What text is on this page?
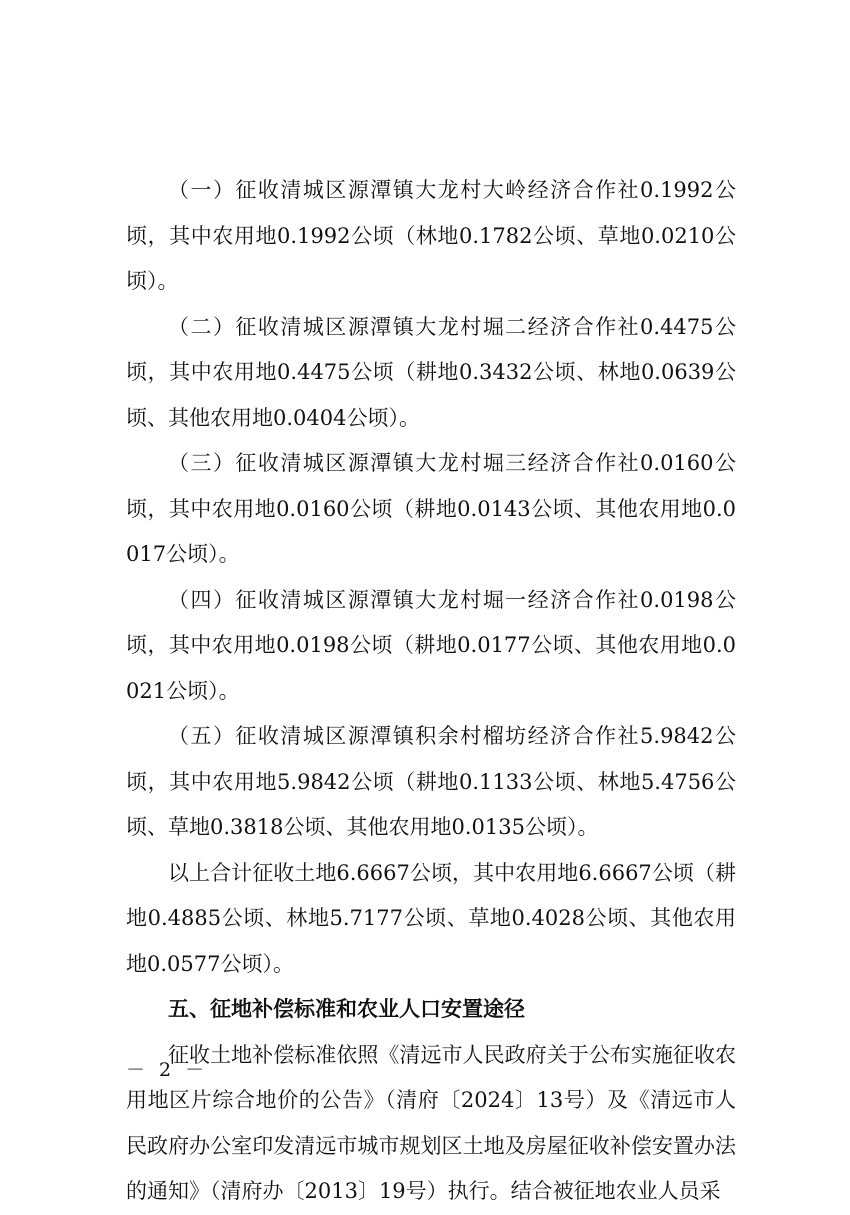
（一）征收清城区源潭镇大龙村大岭经济合作社0.1992公顷，其中农用地0.1992公顷（林地0.1782公顷、草地0.0210公顷）。

（二）征收清城区源潭镇大龙村堀二经济合作社0.4475公顷，其中农用地0.4475公顷（耕地0.3432公顷、林地0.0639公顷、其他农用地0.0404公顷）。

（三）征收清城区源潭镇大龙村堀三经济合作社0.0160公顷，其中农用地0.0160公顷（耕地0.0143公顷、其他农用地0.0017公顷）。

（四）征收清城区源潭镇大龙村堀一经济合作社0.0198公顷，其中农用地0.0198公顷（耕地0.0177公顷、其他农用地0.0021公顷）。

（五）征收清城区源潭镇积余村榴坊经济合作社5.9842公顷，其中农用地5.9842公顷（耕地0.1133公顷、林地5.4756公顷、草地0.3818公顷、其他农用地0.0135公顷）。

以上合计征收土地6.6667公顷，其中农用地6.6667公顷（耕地0.4885公顷、林地5.7177公顷、草地0.4028公顷、其他农用地0.0577公顷）。

五、征地补偿标准和农业人口安置途径

征收土地补偿标准依照《清远市人民政府关于公布实施征收农用地区片综合地价的公告》（清府〔2024〕13号）及《清远市人民政府办公室印发清远市城市规划区土地及房屋征收补偿安置办法的通知》（清府办〔2013〕19号）执行。结合被征地农业人员采

－ 2 －
